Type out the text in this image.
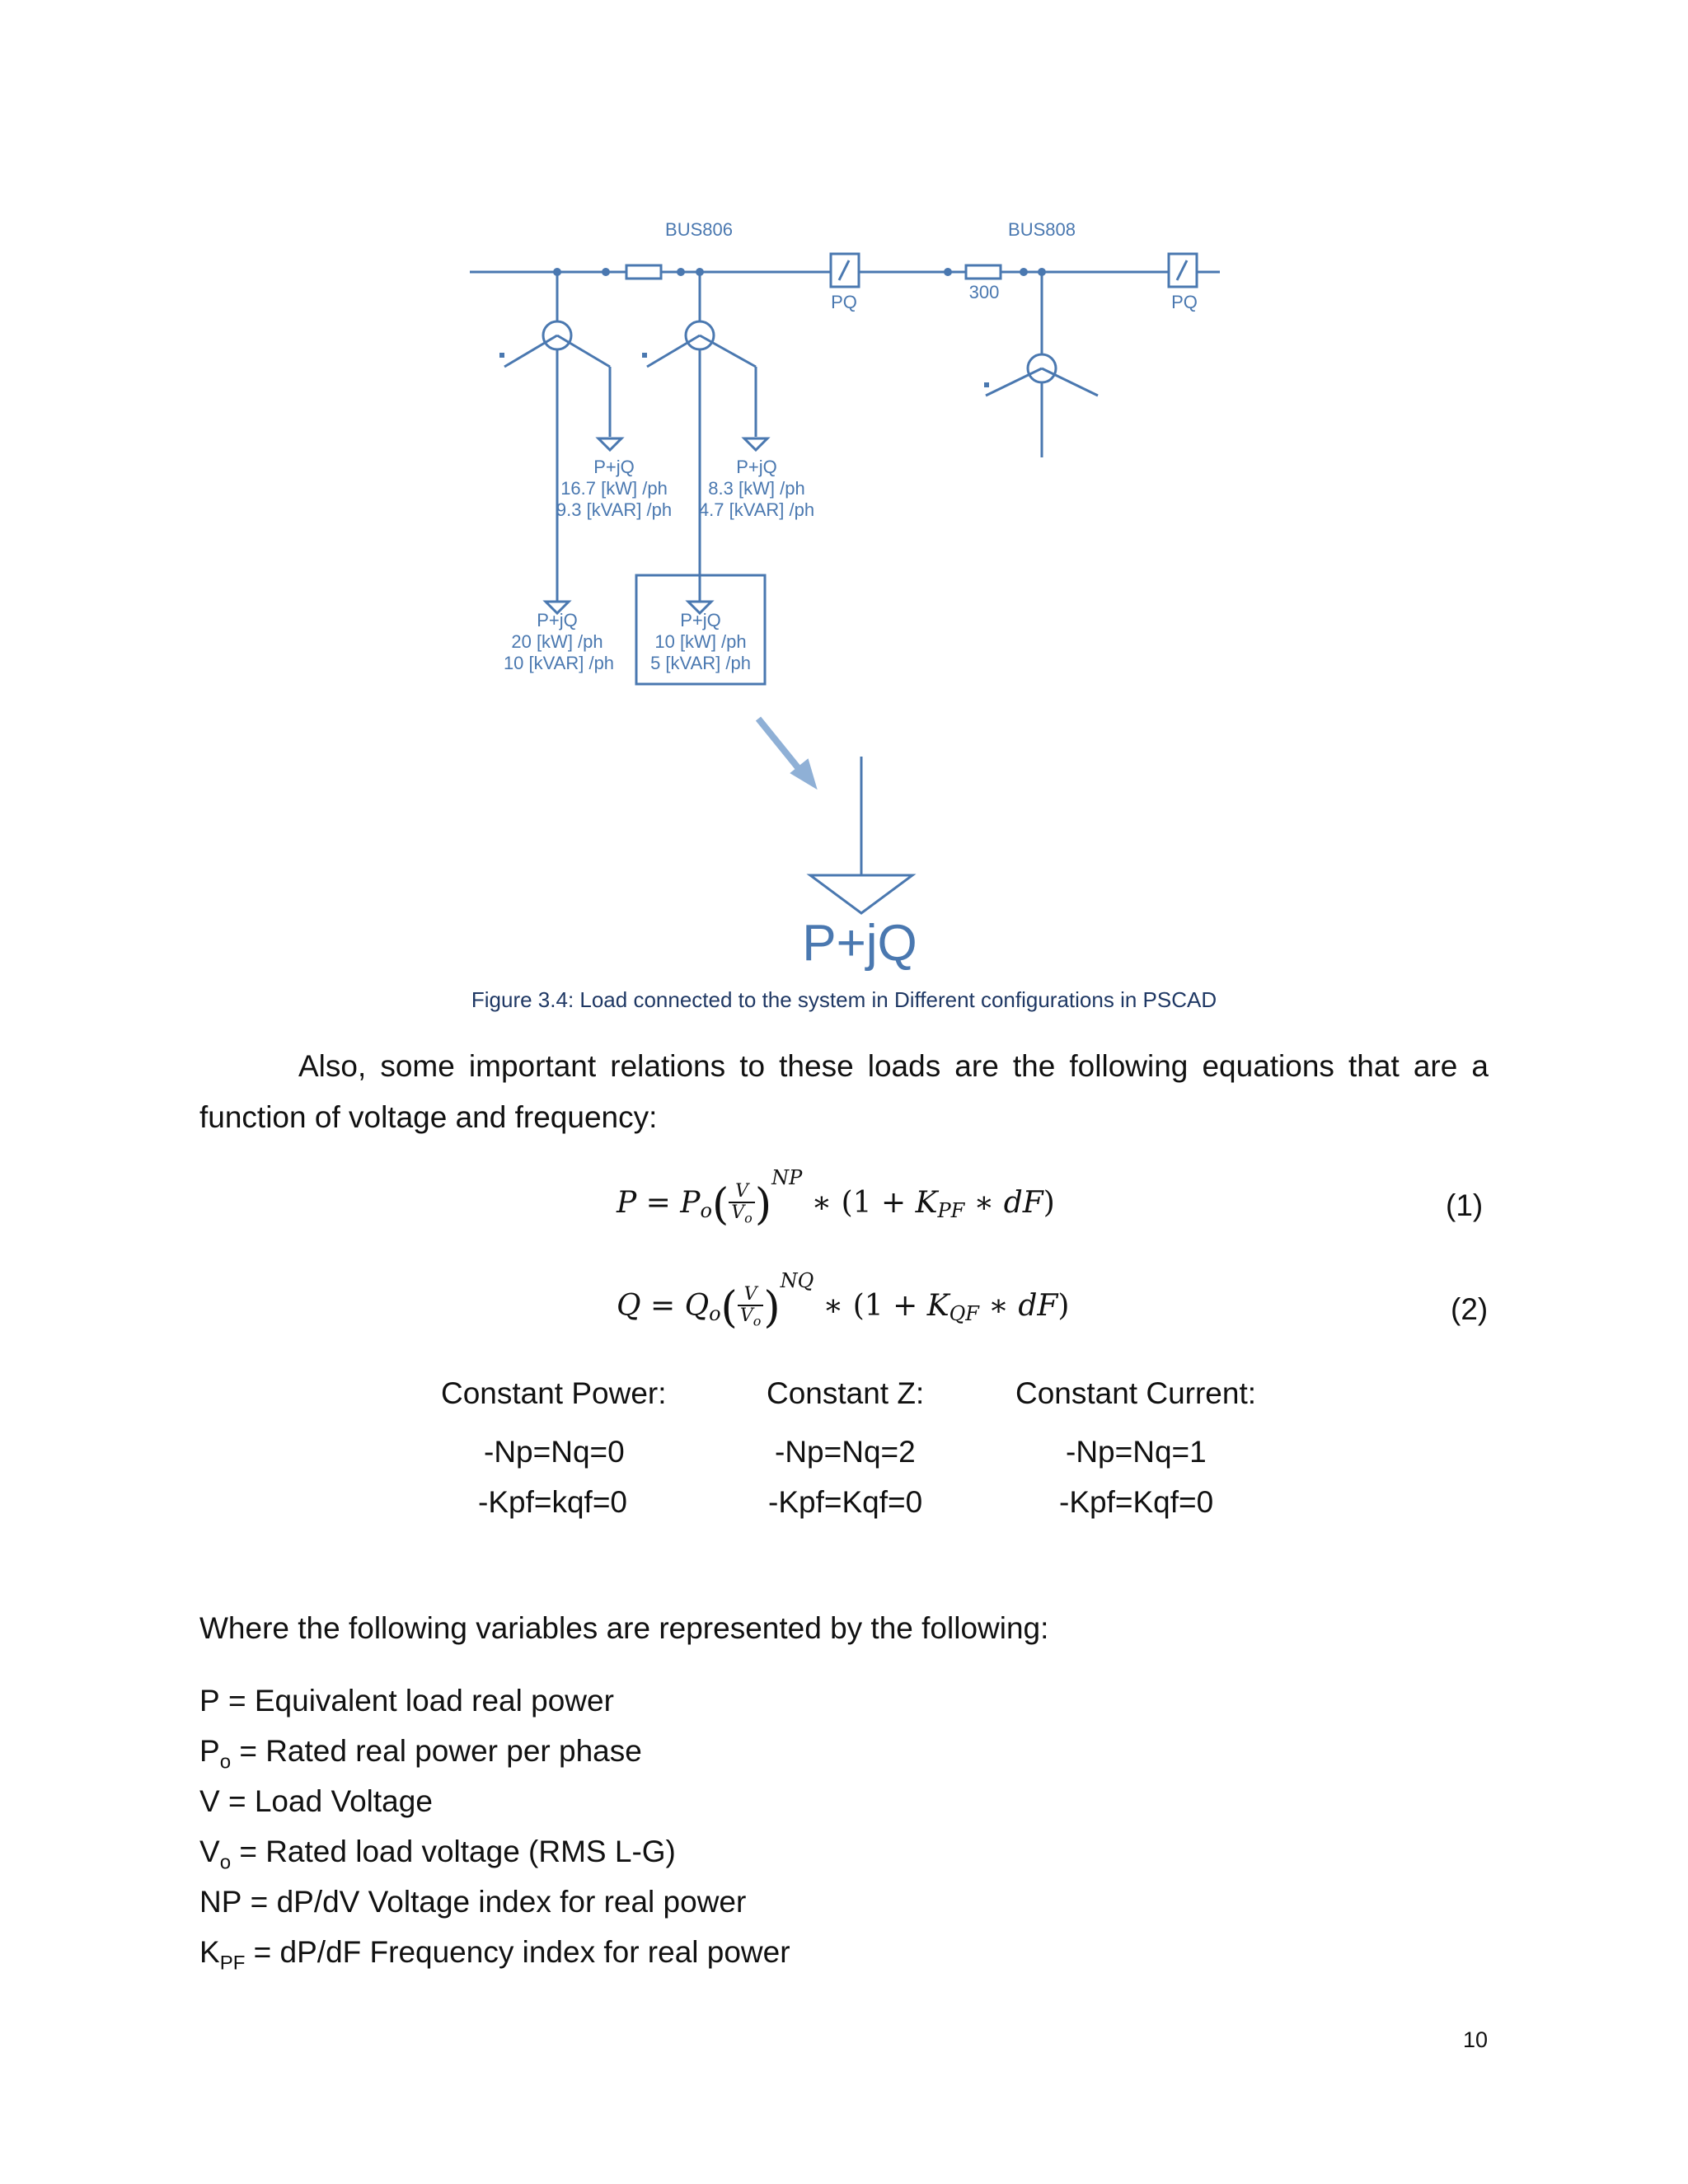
BUS806	BUS808
PQ	PQ
300
P+jQ
16.7 [kW] /ph
9.3 [kVAR] /ph
P+jQ
8.3 [kW] /ph
4.7 [kVAR] /ph
P+jQ
20 [kW] /ph
10 [kVAR] /ph
P+jQ
10 [kW] /ph
5 [kVAR] /ph
P+jQ
Figure 3.4: Load connected to the system in Different configurations in PSCAD
Also, some important relations to these loads are the following equations that are a function of voltage and frequency:
$P = P_o( \frac{V}{V_o} )^{NP}$ ∗ ($1 + K_{PF}$ ∗ dF)	(1)
$Q = Q_o( \frac{V}{V_o} )^{NQ}$ ∗ ($1 + K_{QF}$ ∗ dF)	(2)
Constant Power:
-Np=Nq=0
-Kpf=kqf=0
Constant Z:
-Np=Nq=2
-Kpf=Kqf=0
Constant Current:
-Np=Nq=1
-Kpf=Kqf=0
Where the following variables are represented by the following:
P = Equivalent load real power
$P_o$ = Rated real power per phase
V = Load Voltage
$V_o$ = Rated load voltage (RMS L-G)
NP = dP/dV Voltage index for real power
$K_{PF} = dP/dF$ Frequency index for real power
10
